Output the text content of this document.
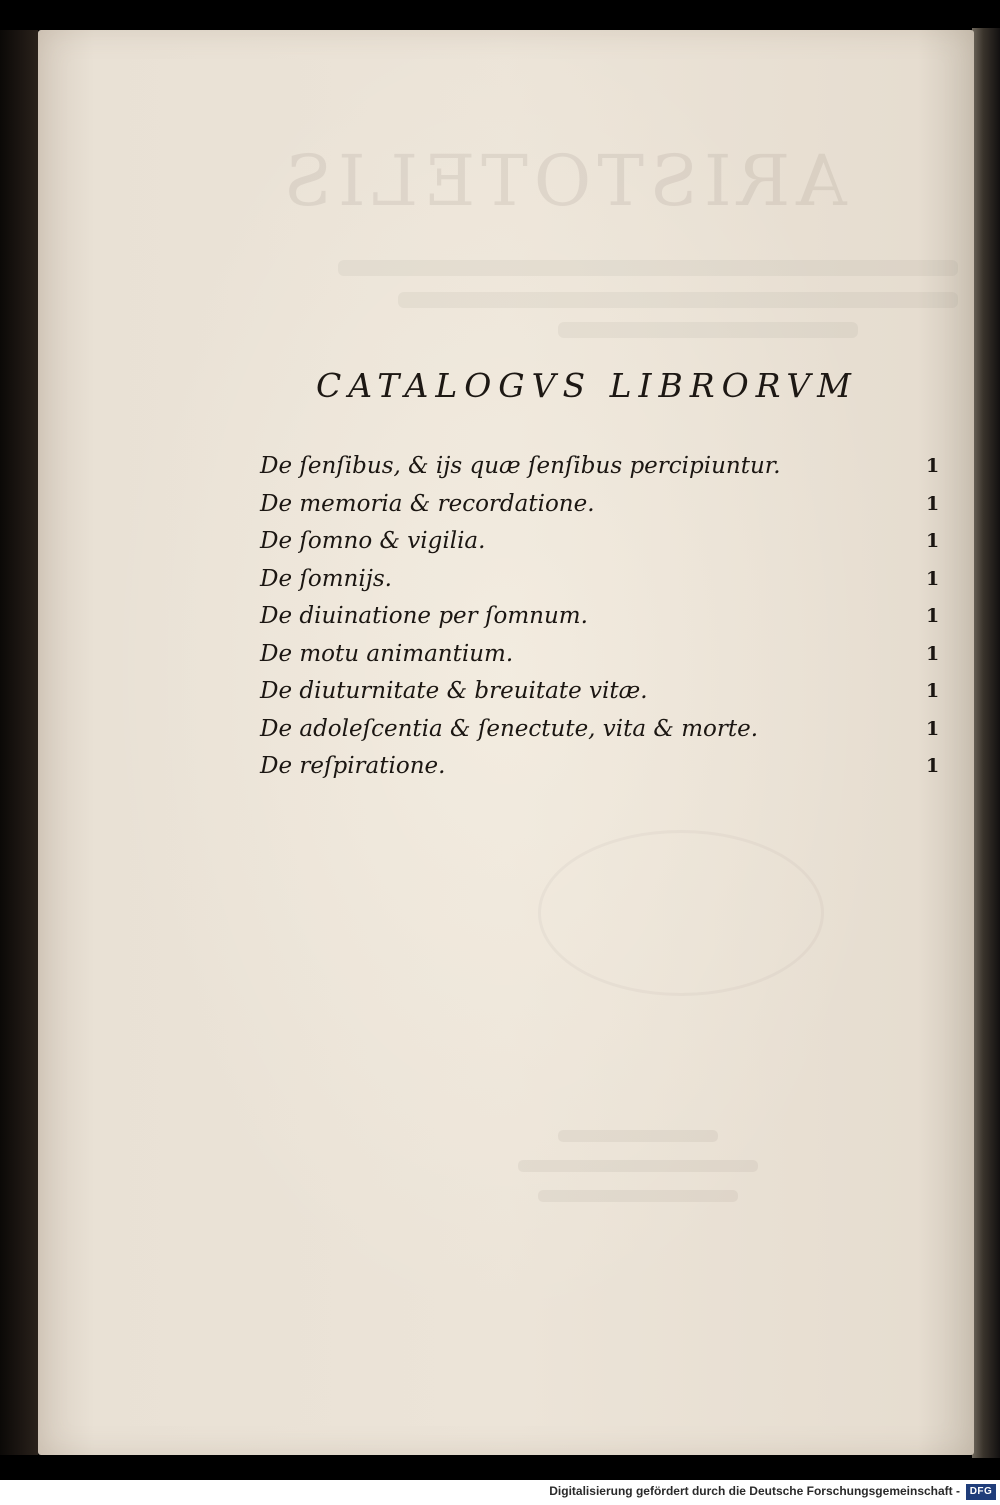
ARISTOTELIS
CATALOGVS LIBRORVM
De ſenſibus, & ijs quæ ſenſibus percipiuntur.	1
De memoria & recordatione.	1
De ſomno & vigilia.	1
De ſomnijs.	1
De diuinatione per ſomnum.	1
De motu animantium.	1
De diuturnitate & breuitate vitæ.	1
De adoleſcentia & ſenectute, vita & morte.	1
De reſpiratione.	1
Digitalisierung gefördert durch die Deutsche Forschungsgemeinschaft - DFG
